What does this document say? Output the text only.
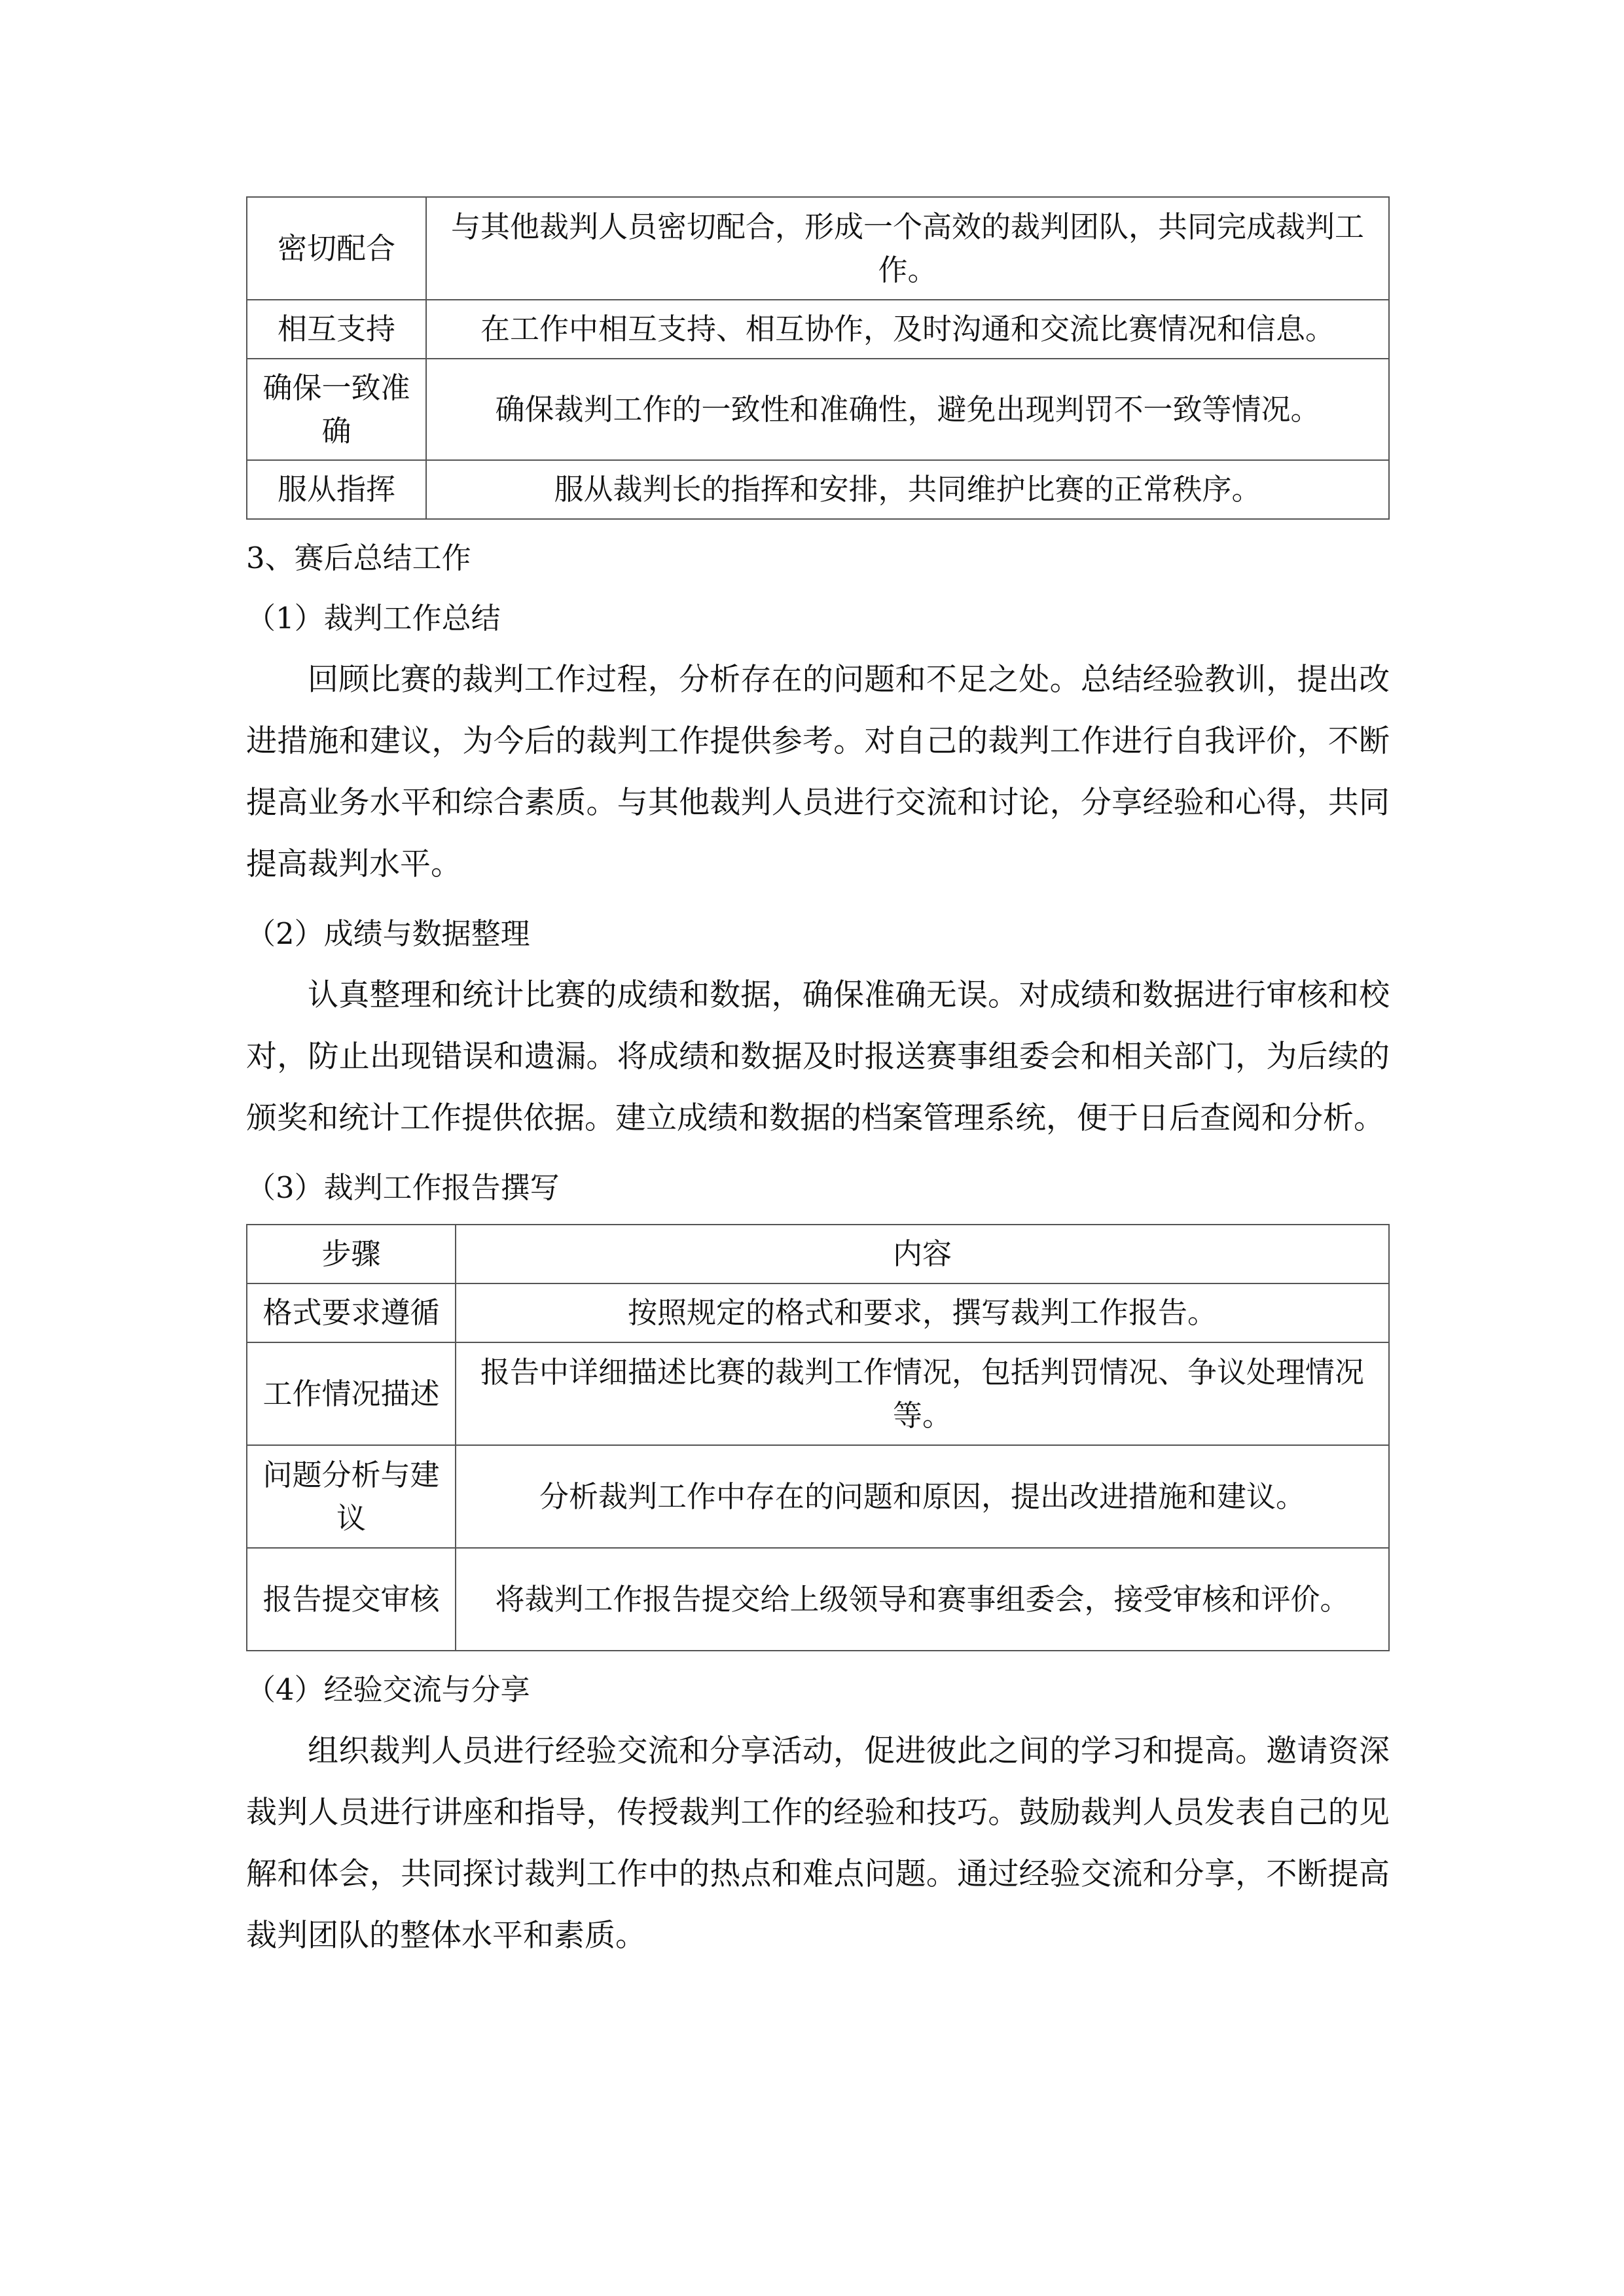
密切配合	与其他裁判人员密切配合，形成一个高效的裁判团队，共同完成裁判工作。
相互支持	在工作中相互支持、相互协作，及时沟通和交流比赛情况和信息。
确保一致准确	确保裁判工作的一致性和准确性，避免出现判罚不一致等情况。
服从指挥	服从裁判长的指挥和安排，共同维护比赛的正常秩序。

3、赛后总结工作

（1）裁判工作总结

回顾比赛的裁判工作过程，分析存在的问题和不足之处。总结经验教训，提出改进措施和建议，为今后的裁判工作提供参考。对自己的裁判工作进行自我评价，不断提高业务水平和综合素质。与其他裁判人员进行交流和讨论，分享经验和心得，共同提高裁判水平。

（2）成绩与数据整理

认真整理和统计比赛的成绩和数据，确保准确无误。对成绩和数据进行审核和校对，防止出现错误和遗漏。将成绩和数据及时报送赛事组委会和相关部门，为后续的颁奖和统计工作提供依据。建立成绩和数据的档案管理系统，便于日后查阅和分析。

（3）裁判工作报告撰写

步骤	内容
格式要求遵循	按照规定的格式和要求，撰写裁判工作报告。
工作情况描述	报告中详细描述比赛的裁判工作情况，包括判罚情况、争议处理情况等。
问题分析与建议	分析裁判工作中存在的问题和原因，提出改进措施和建议。
报告提交审核	将裁判工作报告提交给上级领导和赛事组委会，接受审核和评价。

（4）经验交流与分享

组织裁判人员进行经验交流和分享活动，促进彼此之间的学习和提高。邀请资深裁判人员进行讲座和指导，传授裁判工作的经验和技巧。鼓励裁判人员发表自己的见解和体会，共同探讨裁判工作中的热点和难点问题。通过经验交流和分享，不断提高裁判团队的整体水平和素质。
